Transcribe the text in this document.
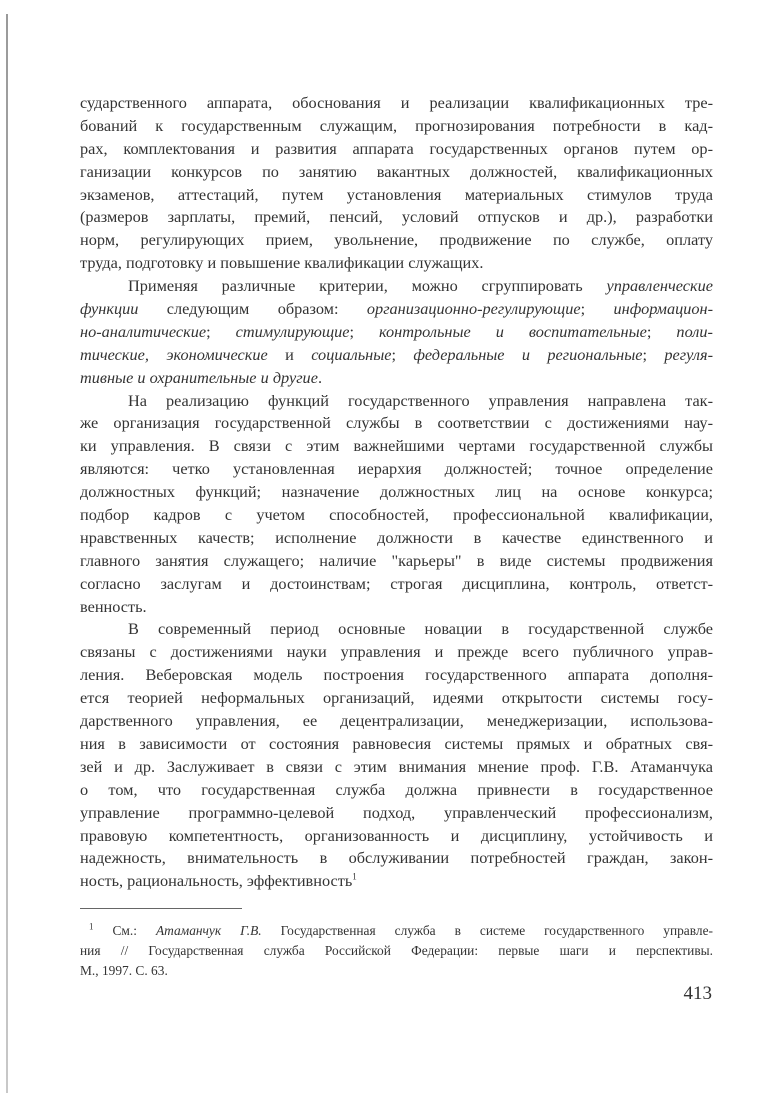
сударственного аппарата, обоснования и реализации квалификационных тре-
бований к государственным служащим, прогнозирования потребности в кад-
рах, комплектования и развития аппарата государственных органов путем ор-
ганизации конкурсов по занятию вакантных должностей, квалификационных
экзаменов, аттестаций, путем установления материальных стимулов труда
(размеров зарплаты, премий, пенсий, условий отпусков и др.), разработки
норм, регулирующих прием, увольнение, продвижение по службе, оплату
труда, подготовку и повышение квалификации служащих.
Применяя различные критерии, можно сгруппировать управленческие
функции следующим образом: организационно-регулирующие; информацион-
но-аналитические; стимулирующие; контрольные и воспитательные; поли-
тические, экономические и социальные; федеральные и региональные; регуля-
тивные и охранительные и другие.
На реализацию функций государственного управления направлена так-
же организация государственной службы в соответствии с достижениями нау-
ки управления. В связи с этим важнейшими чертами государственной службы
являются: четко установленная иерархия должностей; точное определение
должностных функций; назначение должностных лиц на основе конкурса;
подбор кадров с учетом способностей, профессиональной квалификации,
нравственных качеств; исполнение должности в качестве единственного и
главного занятия служащего; наличие "карьеры" в виде системы продвижения
согласно заслугам и достоинствам; строгая дисциплина, контроль, ответст-
венность.
В современный период основные новации в государственной службе
связаны с достижениями науки управления и прежде всего публичного управ-
ления. Веберовская модель построения государственного аппарата дополня-
ется теорией неформальных организаций, идеями открытости системы госу-
дарственного управления, ее децентрализации, менеджеризации, использова-
ния в зависимости от состояния равновесия системы прямых и обратных свя-
зей и др. Заслуживает в связи с этим внимания мнение проф. Г.В. Атаманчука
о том, что государственная служба должна привнести в государственное
управление программно-целевой подход, управленческий профессионализм,
правовую компетентность, организованность и дисциплину, устойчивость и
надежность, внимательность в обслуживании потребностей граждан, закон-
ность, рациональность, эффективность$^1$
$^1$ См.: Атаманчук Г.В. Государственная служба в системе государственного управле-
ния // Государственная служба Российской Федерации: первые шаги и перспективы.
М., 1997. С. 63.
413
